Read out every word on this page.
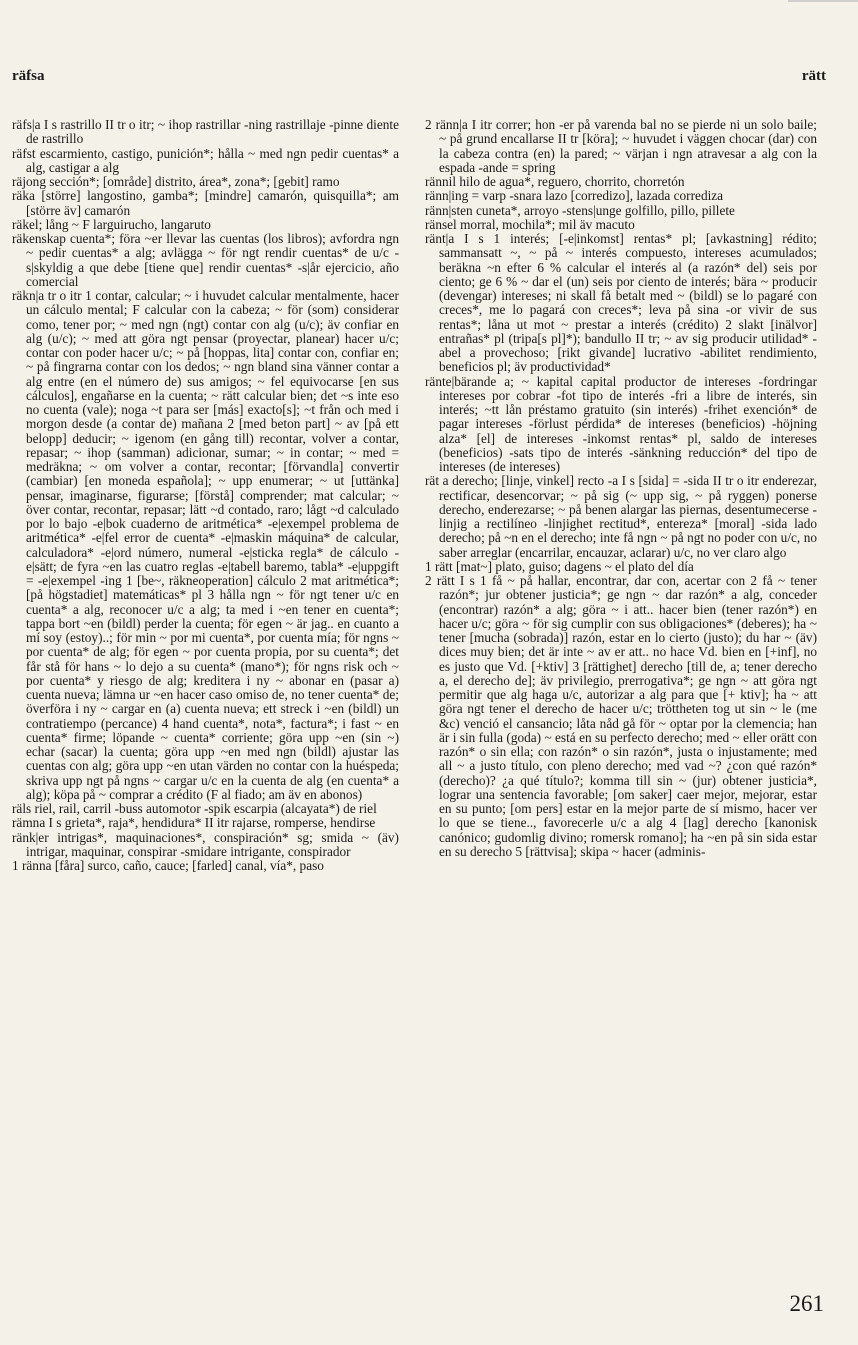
räfsa	rätt

räfs|a I s rastrillo II tr o itr; ~ ihop rastrillar -ning rastrillaje -pinne diente de rastrillo

räfst escarmiento, castigo, punición*; hålla ~ med ngn pedir cuentas* a alg, castigar a alg

räjong sección*; [område] distrito, área*, zona*; [gebit] ramo

räka [större] langostino, gamba*; [mindre] camarón, quisquilla*; am [större äv] camarón

räkel; lång ~ F larguirucho, langaruto

räkenskap cuenta*; föra ~er llevar las cuentas (los libros); avfordra ngn ~ pedir cuentas* a alg; avlägga ~ för ngt rendir cuentas* de u/c -s|skyldig a que debe [tiene que] rendir cuentas* -s|år ejercicio, año comercial

räkn|a tr o itr 1 contar, calcular; ~ i huvudet calcular mentalmente, hacer un cálculo mental; F calcular con la cabeza; ~ för (som) considerar como, tener por; ~ med ngn (ngt) contar con alg (u/c); äv confiar en alg (u/c); ~ med att göra ngt pensar (proyectar, planear) hacer u/c; contar con poder hacer u/c; ~ på [hoppas, lita] contar con, confiar en; ~ på fingrarna contar con los dedos; ~ ngn bland sina vänner contar a alg entre (en el número de) sus amigos; ~ fel equivocarse [en sus cálculos], engañarse en la cuenta; ~ rätt calcular bien; det ~s inte eso no cuenta (vale); noga ~t para ser [más] exacto[s]; ~t från och med i morgon desde (a contar de) mañana 2 [med beton part] ~ av [på ett belopp] deducir; ~ igenom (en gång till) recontar, volver a contar, repasar; ~ ihop (samman) adicionar, sumar; ~ in contar; ~ med = medräkna; ~ om volver a contar, recontar; [förvandla] convertir (cambiar) [en moneda española]; ~ upp enumerar; ~ ut [uttänka] pensar, imaginarse, figurarse; [förstå] comprender; mat calcular; ~ över contar, recontar, repasar; lätt ~d contado, raro; lågt ~d calculado por lo bajo -e|bok cuaderno de aritmética* -e|exempel problema de aritmética* -e|fel error de cuenta* -e|maskin máquina* de calcular, calculadora* -e|ord número, numeral -e|sticka regla* de cálculo -e|sätt; de fyra ~en las cuatro reglas -e|tabell baremo, tabla* -e|uppgift = -e|exempel -ing 1 [be~, räkneoperation] cálculo 2 mat aritmética*; [på högstadiet] matemáticas* pl 3 hålla ngn ~ för ngt tener u/c en cuenta* a alg, reconocer u/c a alg; ta med i ~en tener en cuenta*; tappa bort ~en (bildl) perder la cuenta; för egen ~ är jag.. en cuanto a mí soy (estoy)..; för min ~ por mi cuenta*, por cuenta mía; för ngns ~ por cuenta* de alg; för egen ~ por cuenta propia, por su cuenta*; det får stå för hans ~ lo dejo a su cuenta* (mano*); för ngns risk och ~ por cuenta* y riesgo de alg; kreditera i ny ~ abonar en (pasar a) cuenta nueva; lämna ur ~en hacer caso omiso de, no tener cuenta* de; överföra i ny ~ cargar en (a) cuenta nueva; ett streck i ~en (bildl) un contratiempo (percance) 4 hand cuenta*, nota*, factura*; i fast ~ en cuenta* firme; löpande ~ cuenta* corriente; göra upp ~en (sin ~) echar (sacar) la cuenta; göra upp ~en med ngn (bildl) ajustar las cuentas con alg; göra upp ~en utan värden no contar con la huéspeda; skriva upp ngt på ngns ~ cargar u/c en la cuenta de alg (en cuenta* a alg); köpa på ~ comprar a crédito (F al fiado; am äv en abonos)

räls riel, rail, carril -buss automotor -spik escarpia (alcayata*) de riel

rämna I s grieta*, raja*, hendidura* II itr rajarse, romperse, hendirse

ränk|er intrigas*, maquinaciones*, conspiración* sg; smida ~ (äv) intrigar, maquinar, conspirar -smidare intrigante, conspirador

1 ränna [fåra] surco, caño, cauce; [farled] canal, vía*, paso

2 ränn|a I itr correr; hon -er på varenda bal no se pierde ni un solo baile; ~ på grund encallarse II tr [köra]; ~ huvudet i väggen chocar (dar) con la cabeza contra (en) la pared; ~ värjan i ngn atravesar a alg con la espada -ande = spring

rännil hilo de agua*, reguero, chorrito, chorretón

ränn|ing = varp -snara lazo [corredizo], lazada corrediza

ränn|sten cuneta*, arroyo -stens|unge golfillo, pillo, pillete

ränsel morral, mochila*; mil äv macuto

ränt|a I s 1 interés; [-e|inkomst] rentas* pl; [avkastning] rédito; sammansatt ~, ~ på ~ interés compuesto, intereses acumulados; beräkna ~n efter 6 % calcular el interés al (a razón* del) seis por ciento; ge 6 % ~ dar el (un) seis por ciento de interés; bära ~ producir (devengar) intereses; ni skall få betalt med ~ (bildl) se lo pagaré con creces*, me lo pagará con creces*; leva på sina -or vivir de sus rentas*; låna ut mot ~ prestar a interés (crédito) 2 slakt [inälvor] entrañas* pl (tripa[s pl]*); bandullo II tr; ~ av sig producir utilidad* -abel a provechoso; [rikt givande] lucrativo -abilitet rendimiento, beneficios pl; äv productividad*

ränte|bärande a; ~ kapital capital productor de intereses -fordringar intereses por cobrar -fot tipo de interés -fri a libre de interés, sin interés; ~tt lån préstamo gratuito (sin interés) -frihet exención* de pagar intereses -förlust pérdida* de intereses (beneficios) -höjning alza* [el] de intereses -inkomst rentas* pl, saldo de intereses (beneficios) -sats tipo de interés -sänkning reducción* del tipo de intereses (de intereses)

rät a derecho; [linje, vinkel] recto -a I s [sida] = -sida II tr o itr enderezar, rectificar, desencorvar; ~ på sig (~ upp sig, ~ på ryggen) ponerse derecho, enderezarse; ~ på benen alargar las piernas, desentumecerse -linjig a rectilíneo -linjighet rectitud*, entereza* [moral] -sida lado derecho; på ~n en el derecho; inte få ngn ~ på ngt no poder con u/c, no saber arreglar (encarrilar, encauzar, aclarar) u/c, no ver claro algo

1 rätt [mat~] plato, guiso; dagens ~ el plato del día

2 rätt I s 1 få ~ på hallar, encontrar, dar con, acertar con 2 få ~ tener razón*; jur obtener justicia*; ge ngn ~ dar razón* a alg, conceder (encontrar) razón* a alg; göra ~ i att.. hacer bien (tener razón*) en hacer u/c; göra ~ för sig cumplir con sus obligaciones* (deberes); ha ~ tener [mucha (sobrada)] razón, estar en lo cierto (justo); du har ~ (äv) dices muy bien; det är inte ~ av er att.. no hace Vd. bien en [+inf], no es justo que Vd. [+ktiv] 3 [rättighet] derecho [till de, a; tener derecho a, el derecho de]; äv privilegio, prerrogativa*; ge ngn ~ att göra ngt permitir que alg haga u/c, autorizar a alg para que [+ ktiv]; ha ~ att göra ngt tener el derecho de hacer u/c; tröttheten tog ut sin ~ le (me &c) venció el cansancio; låta nåd gå för ~ optar por la clemencia; han är i sin fulla (goda) ~ está en su perfecto derecho; med ~ eller orätt con razón* o sin ella; con razón* o sin razón*, justa o injustamente; med all ~ a justo título, con pleno derecho; med vad ~? ¿con qué razón* (derecho)? ¿a qué título?; komma till sin ~ (jur) obtener justicia*, lograr una sentencia favorable; [om saker] caer mejor, mejorar, estar en su punto; [om pers] estar en la mejor parte de sí mismo, hacer ver lo que se tiene.., favorecerle u/c a alg 4 [lag] derecho [kanonisk canónico; gudomlig divino; romersk romano]; ha ~en på sin sida estar en su derecho 5 [rättvisa]; skipa ~ hacer (adminis-

261
